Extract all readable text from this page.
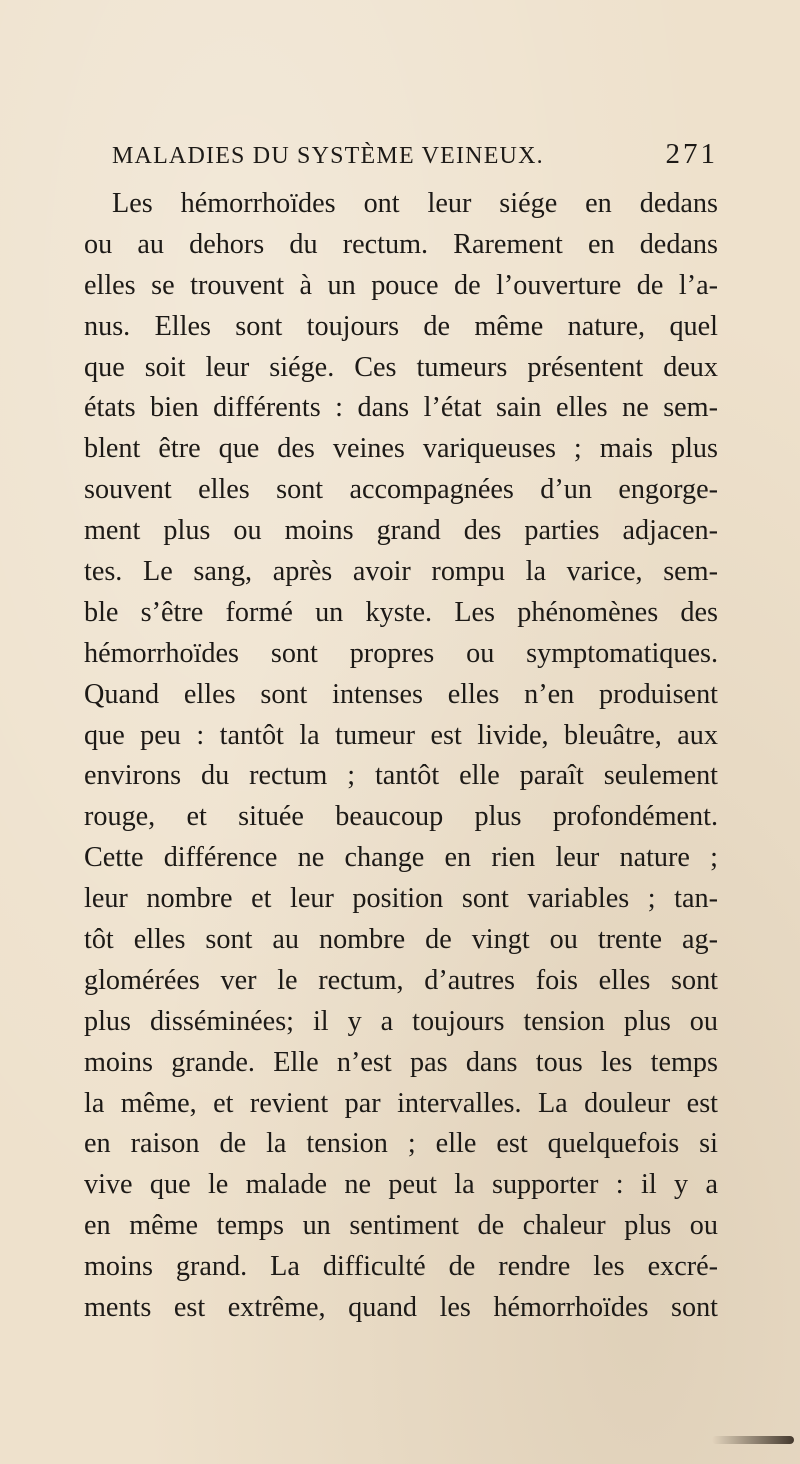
MALADIES DU SYSTÈME VEINEUX.	271
Les hémorrhoïdes ont leur siége en dedans
ou au dehors du rectum. Rarement en dedans
elles se trouvent à un pouce de l’ouverture de l’a-
nus. Elles sont toujours de même nature, quel
que soit leur siége. Ces tumeurs présentent deux
états bien différents : dans l’état sain elles ne sem-
blent être que des veines variqueuses ; mais plus
souvent elles sont accompagnées d’un engorge-
ment plus ou moins grand des parties adjacen-
tes. Le sang, après avoir rompu la varice, sem-
ble s’être formé un kyste. Les phénomènes des
hémorrhoïdes sont propres ou symptomatiques.
Quand elles sont intenses elles n’en produisent
que peu : tantôt la tumeur est livide, bleuâtre, aux
environs du rectum ; tantôt elle paraît seulement
rouge, et située beaucoup plus profondément.
Cette différence ne change en rien leur nature ;
leur nombre et leur position sont variables ; tan-
tôt elles sont au nombre de vingt ou trente ag-
glomérées ver le rectum, d’autres fois elles sont
plus disséminées; il y a toujours tension plus ou
moins grande. Elle n’est pas dans tous les temps
la même, et revient par intervalles. La douleur est
en raison de la tension ; elle est quelquefois si
vive que le malade ne peut la supporter : il y a
en même temps un sentiment de chaleur plus ou
moins grand. La difficulté de rendre les excré-
ments est extrême, quand les hémorrhoïdes sont
